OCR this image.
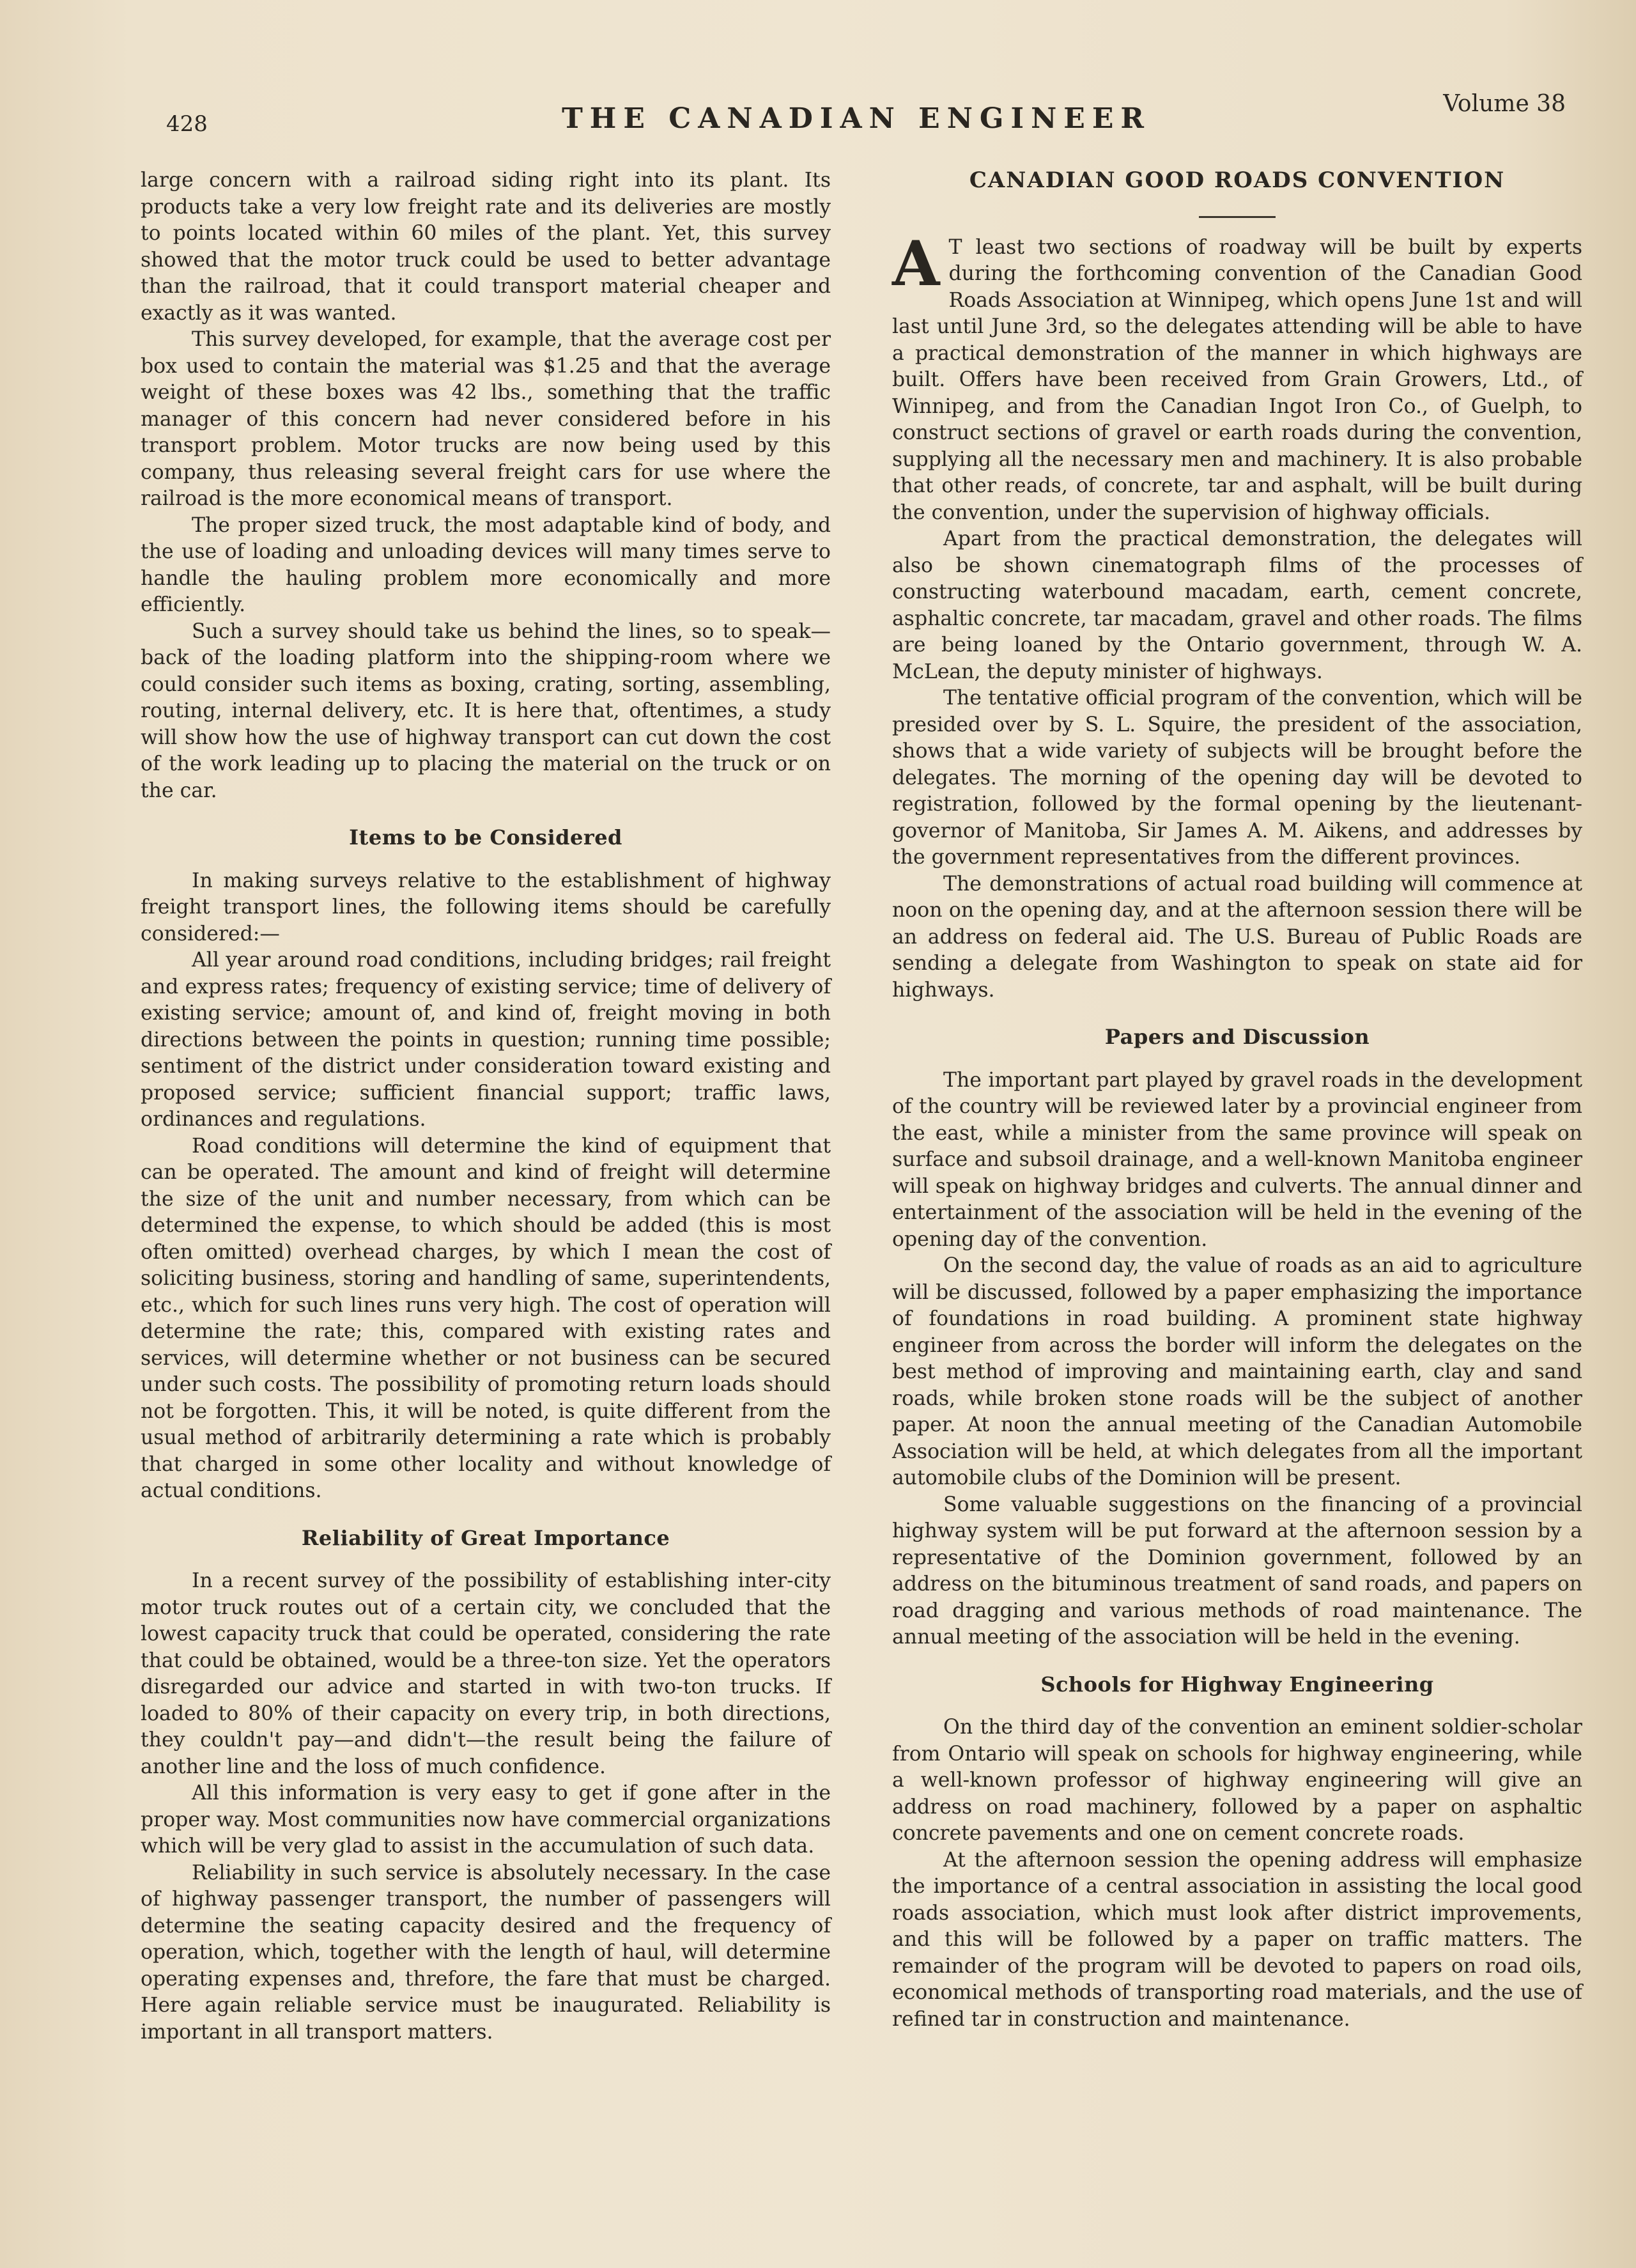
428	THE CANADIAN ENGINEER	Volume 38

large concern with a railroad siding right into its plant. Its products take a very low freight rate and its deliveries are mostly to points located within 60 miles of the plant. Yet, this survey showed that the motor truck could be used to better advantage than the railroad, that it could transport material cheaper and exactly as it was wanted.

This survey developed, for example, that the average cost per box used to contain the material was $1.25 and that the average weight of these boxes was 42 lbs., something that the traffic manager of this concern had never considered before in his transport problem. Motor trucks are now being used by this company, thus releasing several freight cars for use where the railroad is the more economical means of transport.

The proper sized truck, the most adaptable kind of body, and the use of loading and unloading devices will many times serve to handle the hauling problem more economically and more efficiently.

Such a survey should take us behind the lines, so to speak—back of the loading platform into the shipping-room where we could consider such items as boxing, crating, sorting, assembling, routing, internal delivery, etc. It is here that, oftentimes, a study will show how the use of highway transport can cut down the cost of the work leading up to placing the material on the truck or on the car.

Items to be Considered

In making surveys relative to the establishment of highway freight transport lines, the following items should be carefully considered:—

All year around road conditions, including bridges; rail freight and express rates; frequency of existing service; time of delivery of existing service; amount of, and kind of, freight moving in both directions between the points in question; running time possible; sentiment of the district under consideration toward existing and proposed service; sufficient financial support; traffic laws, ordinances and regulations.

Road conditions will determine the kind of equipment that can be operated. The amount and kind of freight will determine the size of the unit and number necessary, from which can be determined the expense, to which should be added (this is most often omitted) overhead charges, by which I mean the cost of soliciting business, storing and handling of same, superintendents, etc., which for such lines runs very high. The cost of operation will determine the rate; this, compared with existing rates and services, will determine whether or not business can be secured under such costs. The possibility of promoting return loads should not be forgotten. This, it will be noted, is quite different from the usual method of arbitrarily determining a rate which is probably that charged in some other locality and without knowledge of actual conditions.

Reliability of Great Importance

In a recent survey of the possibility of establishing inter-city motor truck routes out of a certain city, we concluded that the lowest capacity truck that could be operated, considering the rate that could be obtained, would be a three-ton size. Yet the operators disregarded our advice and started in with two-ton trucks. If loaded to 80% of their capacity on every trip, in both directions, they couldn't pay—and didn't—the result being the failure of another line and the loss of much confidence.

All this information is very easy to get if gone after in the proper way. Most communities now have commercial organizations which will be very glad to assist in the accumulation of such data.

Reliability in such service is absolutely necessary. In the case of highway passenger transport, the number of passengers will determine the seating capacity desired and the frequency of operation, which, together with the length of haul, will determine operating expenses and, threfore, the fare that must be charged. Here again reliable service must be inaugurated. Reliability is important in all transport matters.

CANADIAN GOOD ROADS CONVENTION

A T least two sections of roadway will be built by experts during the forthcoming convention of the Canadian Good Roads Association at Winnipeg, which opens June 1st and will last until June 3rd, so the delegates attending will be able to have a practical demonstration of the manner in which highways are built. Offers have been received from Grain Growers, Ltd., of Winnipeg, and from the Canadian Ingot Iron Co., of Guelph, to construct sections of gravel or earth roads during the convention, supplying all the necessary men and machinery. It is also probable that other reads, of concrete, tar and asphalt, will be built during the convention, under the supervision of highway officials.

Apart from the practical demonstration, the delegates will also be shown cinematograph films of the processes of constructing waterbound macadam, earth, cement concrete, asphaltic concrete, tar macadam, gravel and other roads. The films are being loaned by the Ontario government, through W. A. McLean, the deputy minister of highways.

The tentative official program of the convention, which will be presided over by S. L. Squire, the president of the association, shows that a wide variety of subjects will be brought before the delegates. The morning of the opening day will be devoted to registration, followed by the formal opening by the lieutenant-governor of Manitoba, Sir James A. M. Aikens, and addresses by the government representatives from the different provinces.

The demonstrations of actual road building will commence at noon on the opening day, and at the afternoon session there will be an address on federal aid. The U.S. Bureau of Public Roads are sending a delegate from Washington to speak on state aid for highways.

Papers and Discussion

The important part played by gravel roads in the development of the country will be reviewed later by a provincial engineer from the east, while a minister from the same province will speak on surface and subsoil drainage, and a well-known Manitoba engineer will speak on highway bridges and culverts. The annual dinner and entertainment of the association will be held in the evening of the opening day of the convention.

On the second day, the value of roads as an aid to agriculture will be discussed, followed by a paper emphasizing the importance of foundations in road building. A prominent state highway engineer from across the border will inform the delegates on the best method of improving and maintaining earth, clay and sand roads, while broken stone roads will be the subject of another paper. At noon the annual meeting of the Canadian Automobile Association will be held, at which delegates from all the important automobile clubs of the Dominion will be present.

Some valuable suggestions on the financing of a provincial highway system will be put forward at the afternoon session by a representative of the Dominion government, followed by an address on the bituminous treatment of sand roads, and papers on road dragging and various methods of road maintenance. The annual meeting of the association will be held in the evening.

Schools for Highway Engineering

On the third day of the convention an eminent soldier-scholar from Ontario will speak on schools for highway engineering, while a well-known professor of highway engineering will give an address on road machinery, followed by a paper on asphaltic concrete pavements and one on cement concrete roads.

At the afternoon session the opening address will emphasize the importance of a central association in assisting the local good roads association, which must look after district improvements, and this will be followed by a paper on traffic matters. The remainder of the program will be devoted to papers on road oils, economical methods of transporting road materials, and the use of refined tar in construction and maintenance.
